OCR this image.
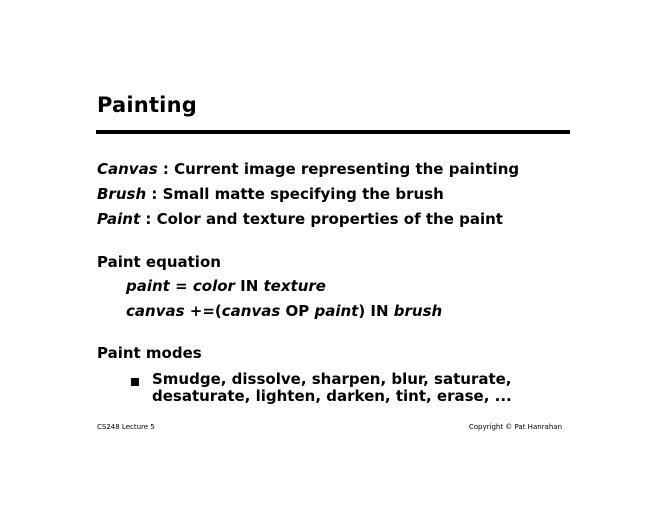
Painting
Canvas : Current image representing the painting
Brush : Small matte specifying the brush
Paint : Color and texture properties of the paint
Paint equation
paint = color IN texture
canvas +=(canvas OP paint) IN brush
Paint modes
Smudge, dissolve, sharpen, blur, saturate,
desaturate, lighten, darken, tint, erase, ...
CS248 Lecture 5	Copyright © Pat Hanrahan
